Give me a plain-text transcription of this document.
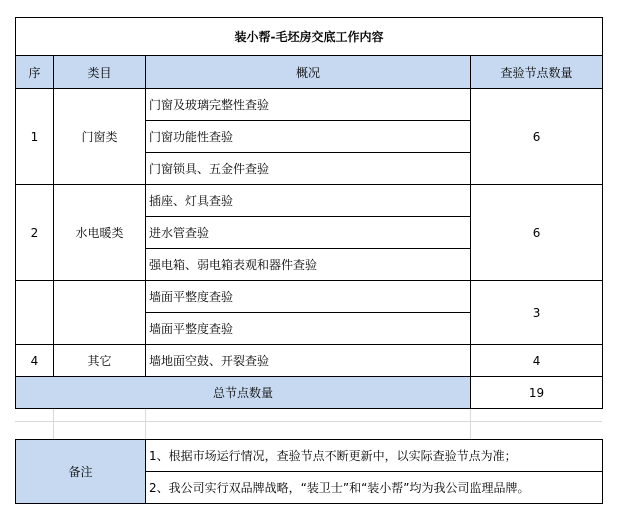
装小帮-毛坯房交底工作内容			
序	类目	概况	查验节点数量
1	门窗类	门窗及玻璃完整性查验	6
		门窗功能性查验	
		门窗锁具、五金件查验	
2	水电暖类	插座、灯具查验	6
		进水管查验	
		强电箱、弱电箱表观和器件查验	
		墙面平整度查验	3
		墙面平整度查验	
4	其它	墙地面空鼓、开裂查验	4
总节点数量			19
备注	1、根据市场运行情况，查验节点不断更新中，以实际查验节点为准；
2、我公司实行双品牌战略，“装卫士”和“装小帮”均为我公司监理品牌。
